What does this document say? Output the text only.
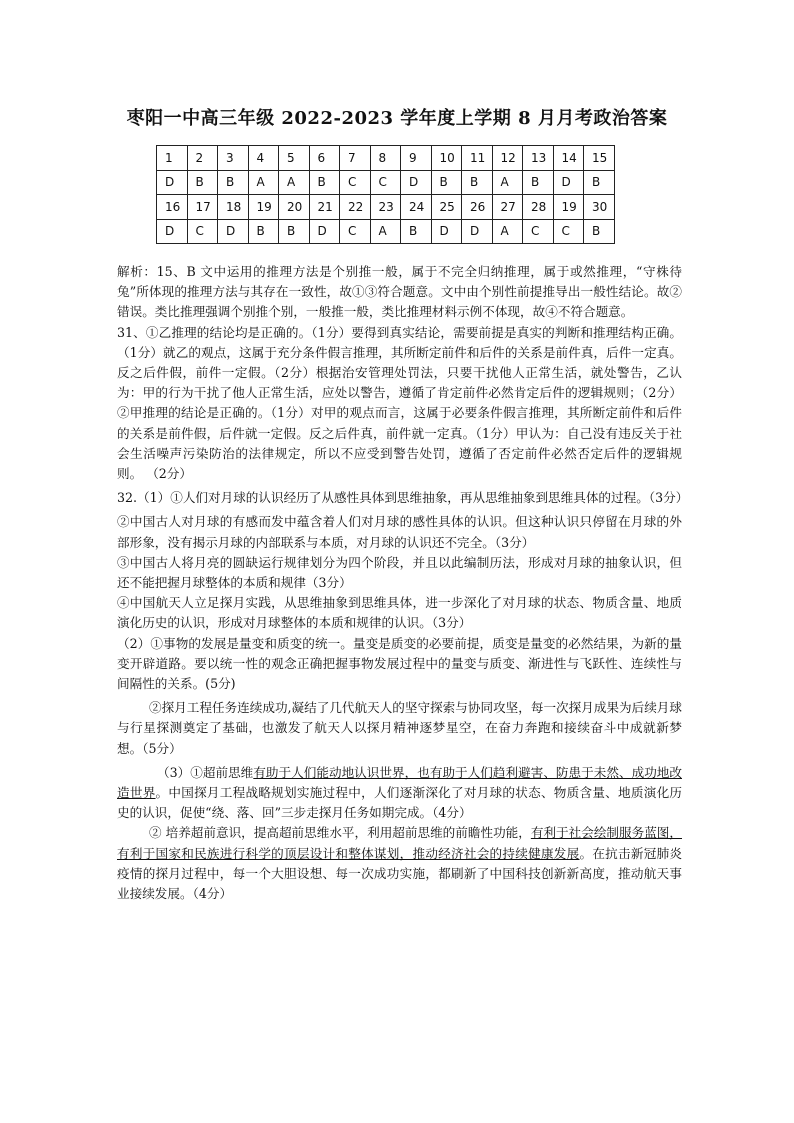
枣阳一中高三年级 2022-2023 学年度上学期 8 月月考政治答案
1	2	3	4	5	6	7	8	9	10	11	12	13	14	15
D	B	B	A	A	B	C	C	D	B	B	A	B	D	B
16	17	18	19	20	21	22	23	24	25	26	27	28	19	30
D	C	D	B	B	D	C	A	B	D	D	A	C	C	B

解析：15、B 文中运用的推理方法是个别推一般，属于不完全归纳推理，属于或然推理，“守株待兔”所体现的推理方法与其存在一致性，故①③符合题意。文中由个别性前提推导出一般性结论。故②错误。类比推理强调个别推个别，一般推一般，类比推理材料示例不体现，故④不符合题意。

31、①乙推理的结论均是正确的。（1分）要得到真实结论，需要前提是真实的判断和推理结构正确。（1分）就乙的观点，这属于充分条件假言推理，其所断定前件和后件的关系是前件真，后件一定真。反之后件假，前件一定假。（2分）根据治安管理处罚法，只要干扰他人正常生活，就处警告，乙认为：甲的行为干扰了他人正常生活，应处以警告，遵循了肯定前件必然肯定后件的逻辑规则；（2分）②甲推理的结论是正确的。（1分）对甲的观点而言，这属于必要条件假言推理，其所断定前件和后件的关系是前件假，后件就一定假。反之后件真，前件就一定真。（1分）甲认为：自己没有违反关于社会生活噪声污染防治的法律规定，所以不应受到警告处罚，遵循了否定前件必然否定后件的逻辑规则。 （2分）

32.（1）①人们对月球的认识经历了从感性具体到思维抽象，再从思维抽象到思维具体的过程。（3分）

②中国古人对月球的有感而发中蕴含着人们对月球的感性具体的认识。但这种认识只停留在月球的外部形象，没有揭示月球的内部联系与本质，对月球的认识还不完全。（3分）

③中国古人将月亮的圆缺运行规律划分为四个阶段，并且以此编制历法，形成对月球的抽象认识，但还不能把握月球整体的本质和规律（3分）

④中国航天人立足探月实践，从思维抽象到思维具体，进一步深化了对月球的状态、物质含量、地质演化历史的认识，形成对月球整体的本质和规律的认识。（3分）

（2）①事物的发展是量变和质变的统一。量变是质变的必要前提，质变是量变的必然结果，为新的量变开辟道路。要以统一性的观念正确把握事物发展过程中的量变与质变、渐进性与飞跃性、连续性与间隔性的关系。(5分)

②探月工程任务连续成功,凝结了几代航天人的坚守探索与协同攻坚，每一次探月成果为后续月球与行星探测奠定了基础，也激发了航天人以探月精神逐梦星空，在奋力奔跑和接续奋斗中成就新梦想。（5分）

（3）①超前思维有助于人们能动地认识世界，也有助于人们趋利避害、防患于未然、成功地改造世界。中国探月工程战略规划实施过程中，人们逐渐深化了对月球的状态、物质含量、地质演化历史的认识，促使“绕、落、回”三步走探月任务如期完成。（4分）

② 培养超前意识，提高超前思维水平，利用超前思维的前瞻性功能，有利于社会绘制服务蓝图，有利于国家和民族进行科学的顶层设计和整体谋划，推动经济社会的持续健康发展。在抗击新冠肺炎疫情的探月过程中，每一个大胆设想、每一次成功实施，都刷新了中国科技创新新高度，推动航天事业接续发展。（4分）
